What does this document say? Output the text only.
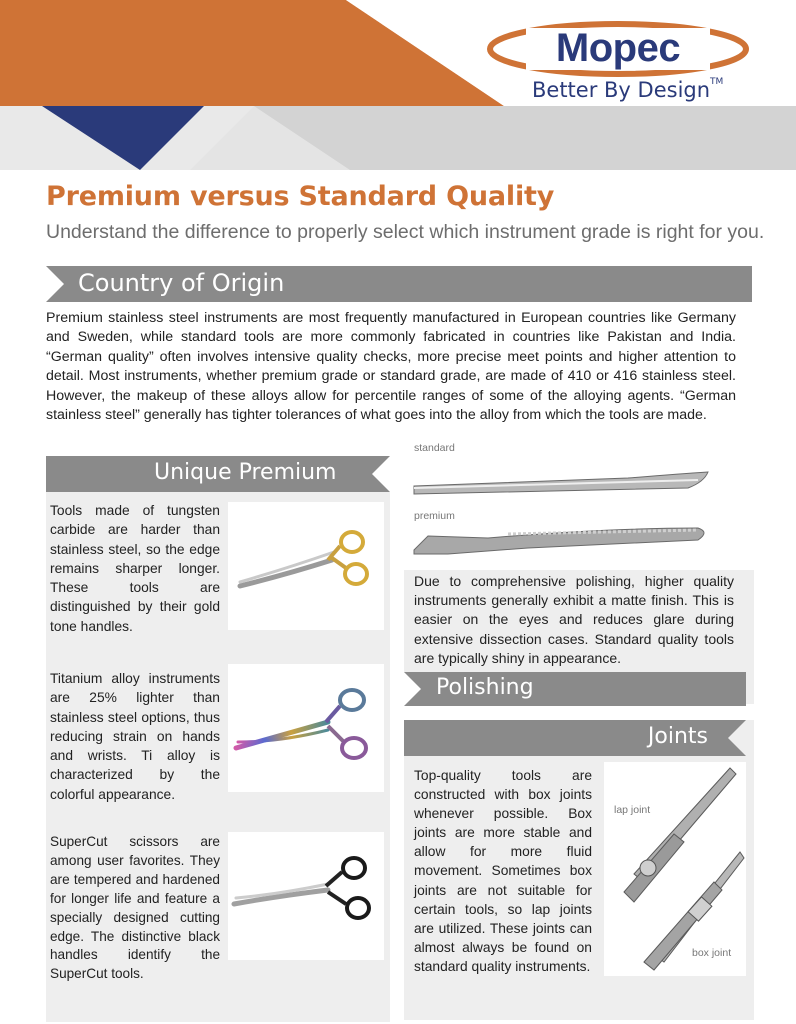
Mopec
Better By Design™
Premium versus Standard Quality
Understand the difference to properly select which instrument grade is right for you.
Country of Origin
Premium stainless steel instruments are most frequently manufactured in European countries like Germany and Sweden, while standard tools are more commonly fabricated in countries like Pakistan and India. “German quality” often involves intensive quality checks, more precise meet points and higher attention to detail. Most instruments, whether premium grade or standard grade, are made of 410 or 416 stainless steel. However, the makeup of these alloys allow for percentile ranges of some of the alloying agents. “German stainless steel” generally has tighter tolerances of what goes into the alloy from which the tools are made.
Unique Premium
Tools made of tungsten carbide are harder than stainless steel, so the edge remains sharper longer. These tools are distinguished by their gold tone handles.
Titanium alloy instruments are 25% lighter than stainless steel options, thus reducing strain on hands and wrists. Ti alloy is characterized by the colorful appearance.
SuperCut scissors are among user favorites. They are tempered and hardened for longer life and feature a specially designed cutting edge. The distinctive black handles identify the SuperCut tools.
standard
premium
Due to comprehensive polishing, higher quality instruments generally exhibit a matte finish. This is easier on the eyes and reduces glare during extensive dissection cases. Standard quality tools are typically shiny in appearance.
Polishing
Joints
Top-quality tools are constructed with box joints whenever possible. Box joints are more stable and allow for more fluid movement. Sometimes box joints are not suitable for certain tools, so lap joints are utilized. These joints can almost always be found on standard quality instruments.
lap joint
box joint
